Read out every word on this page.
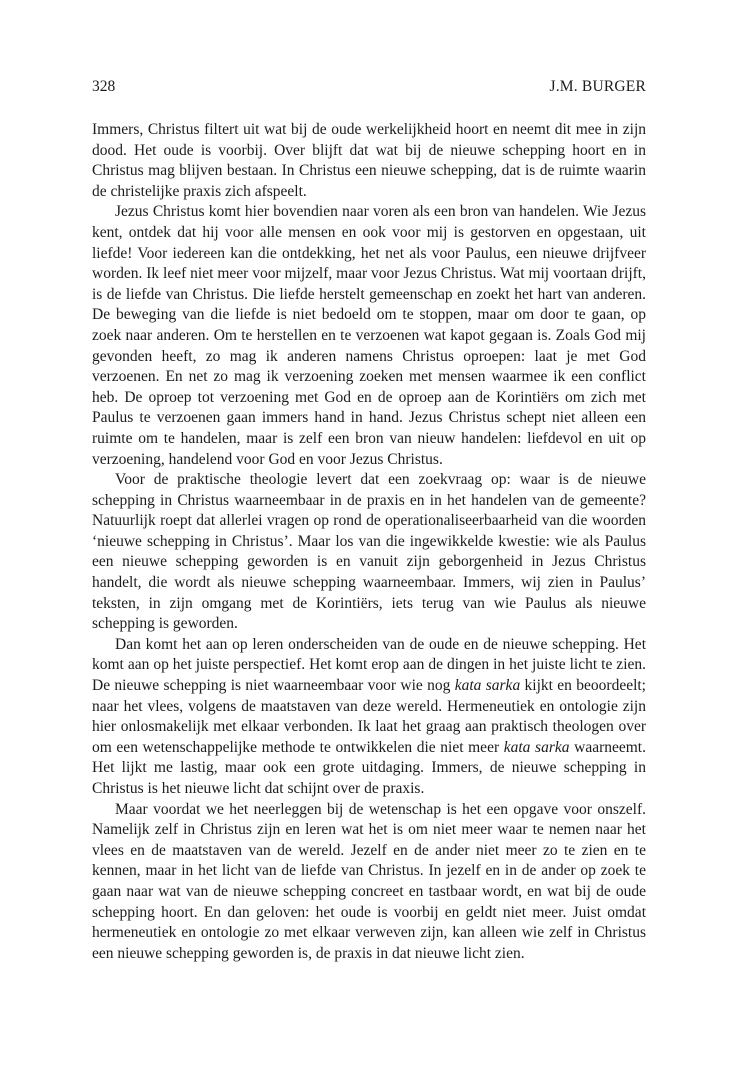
328	J.M. BURGER

Immers, Christus filtert uit wat bij de oude werkelijkheid hoort en neemt dit mee in zijn dood. Het oude is voorbij. Over blijft dat wat bij de nieuwe schepping hoort en in Christus mag blijven bestaan. In Christus een nieuwe schepping, dat is de ruimte waarin de christelijke praxis zich afspeelt.

Jezus Christus komt hier bovendien naar voren als een bron van handelen. Wie Jezus kent, ontdek dat hij voor alle mensen en ook voor mij is gestorven en opgestaan, uit liefde! Voor iedereen kan die ontdekking, het net als voor Paulus, een nieuwe drijfveer worden. Ik leef niet meer voor mijzelf, maar voor Jezus Christus. Wat mij voortaan drijft, is de liefde van Christus. Die liefde herstelt gemeenschap en zoekt het hart van anderen. De beweging van die liefde is niet bedoeld om te stoppen, maar om door te gaan, op zoek naar anderen. Om te herstellen en te verzoenen wat kapot gegaan is. Zoals God mij gevonden heeft, zo mag ik anderen namens Christus oproepen: laat je met God verzoenen. En net zo mag ik verzoening zoeken met mensen waarmee ik een conflict heb. De oproep tot verzoening met God en de oproep aan de Korintiërs om zich met Paulus te verzoenen gaan immers hand in hand. Jezus Christus schept niet alleen een ruimte om te handelen, maar is zelf een bron van nieuw handelen: liefdevol en uit op verzoening, handelend voor God en voor Jezus Christus.

Voor de praktische theologie levert dat een zoekvraag op: waar is de nieuwe schepping in Christus waarneembaar in de praxis en in het handelen van de gemeente? Natuurlijk roept dat allerlei vragen op rond de operationaliseerbaarheid van die woorden ‘nieuwe schepping in Christus’. Maar los van die ingewikkelde kwestie: wie als Paulus een nieuwe schepping geworden is en vanuit zijn geborgenheid in Jezus Christus handelt, die wordt als nieuwe schepping waarneembaar. Immers, wij zien in Paulus’ teksten, in zijn omgang met de Korintiërs, iets terug van wie Paulus als nieuwe schepping is geworden.

Dan komt het aan op leren onderscheiden van de oude en de nieuwe schepping. Het komt aan op het juiste perspectief. Het komt erop aan de dingen in het juiste licht te zien. De nieuwe schepping is niet waarneembaar voor wie nog kata sarka kijkt en beoordeelt; naar het vlees, volgens de maatstaven van deze wereld. Hermeneutiek en ontologie zijn hier onlosmakelijk met elkaar verbonden. Ik laat het graag aan praktisch theologen over om een wetenschappelijke methode te ontwikkelen die niet meer kata sarka waarneemt. Het lijkt me lastig, maar ook een grote uitdaging. Immers, de nieuwe schepping in Christus is het nieuwe licht dat schijnt over de praxis.

Maar voordat we het neerleggen bij de wetenschap is het een opgave voor onszelf. Namelijk zelf in Christus zijn en leren wat het is om niet meer waar te nemen naar het vlees en de maatstaven van de wereld. Jezelf en de ander niet meer zo te zien en te kennen, maar in het licht van de liefde van Christus. In jezelf en in de ander op zoek te gaan naar wat van de nieuwe schepping concreet en tastbaar wordt, en wat bij de oude schepping hoort. En dan geloven: het oude is voorbij en geldt niet meer. Juist omdat hermeneutiek en ontologie zo met elkaar verweven zijn, kan alleen wie zelf in Christus een nieuwe schepping geworden is, de praxis in dat nieuwe licht zien.
